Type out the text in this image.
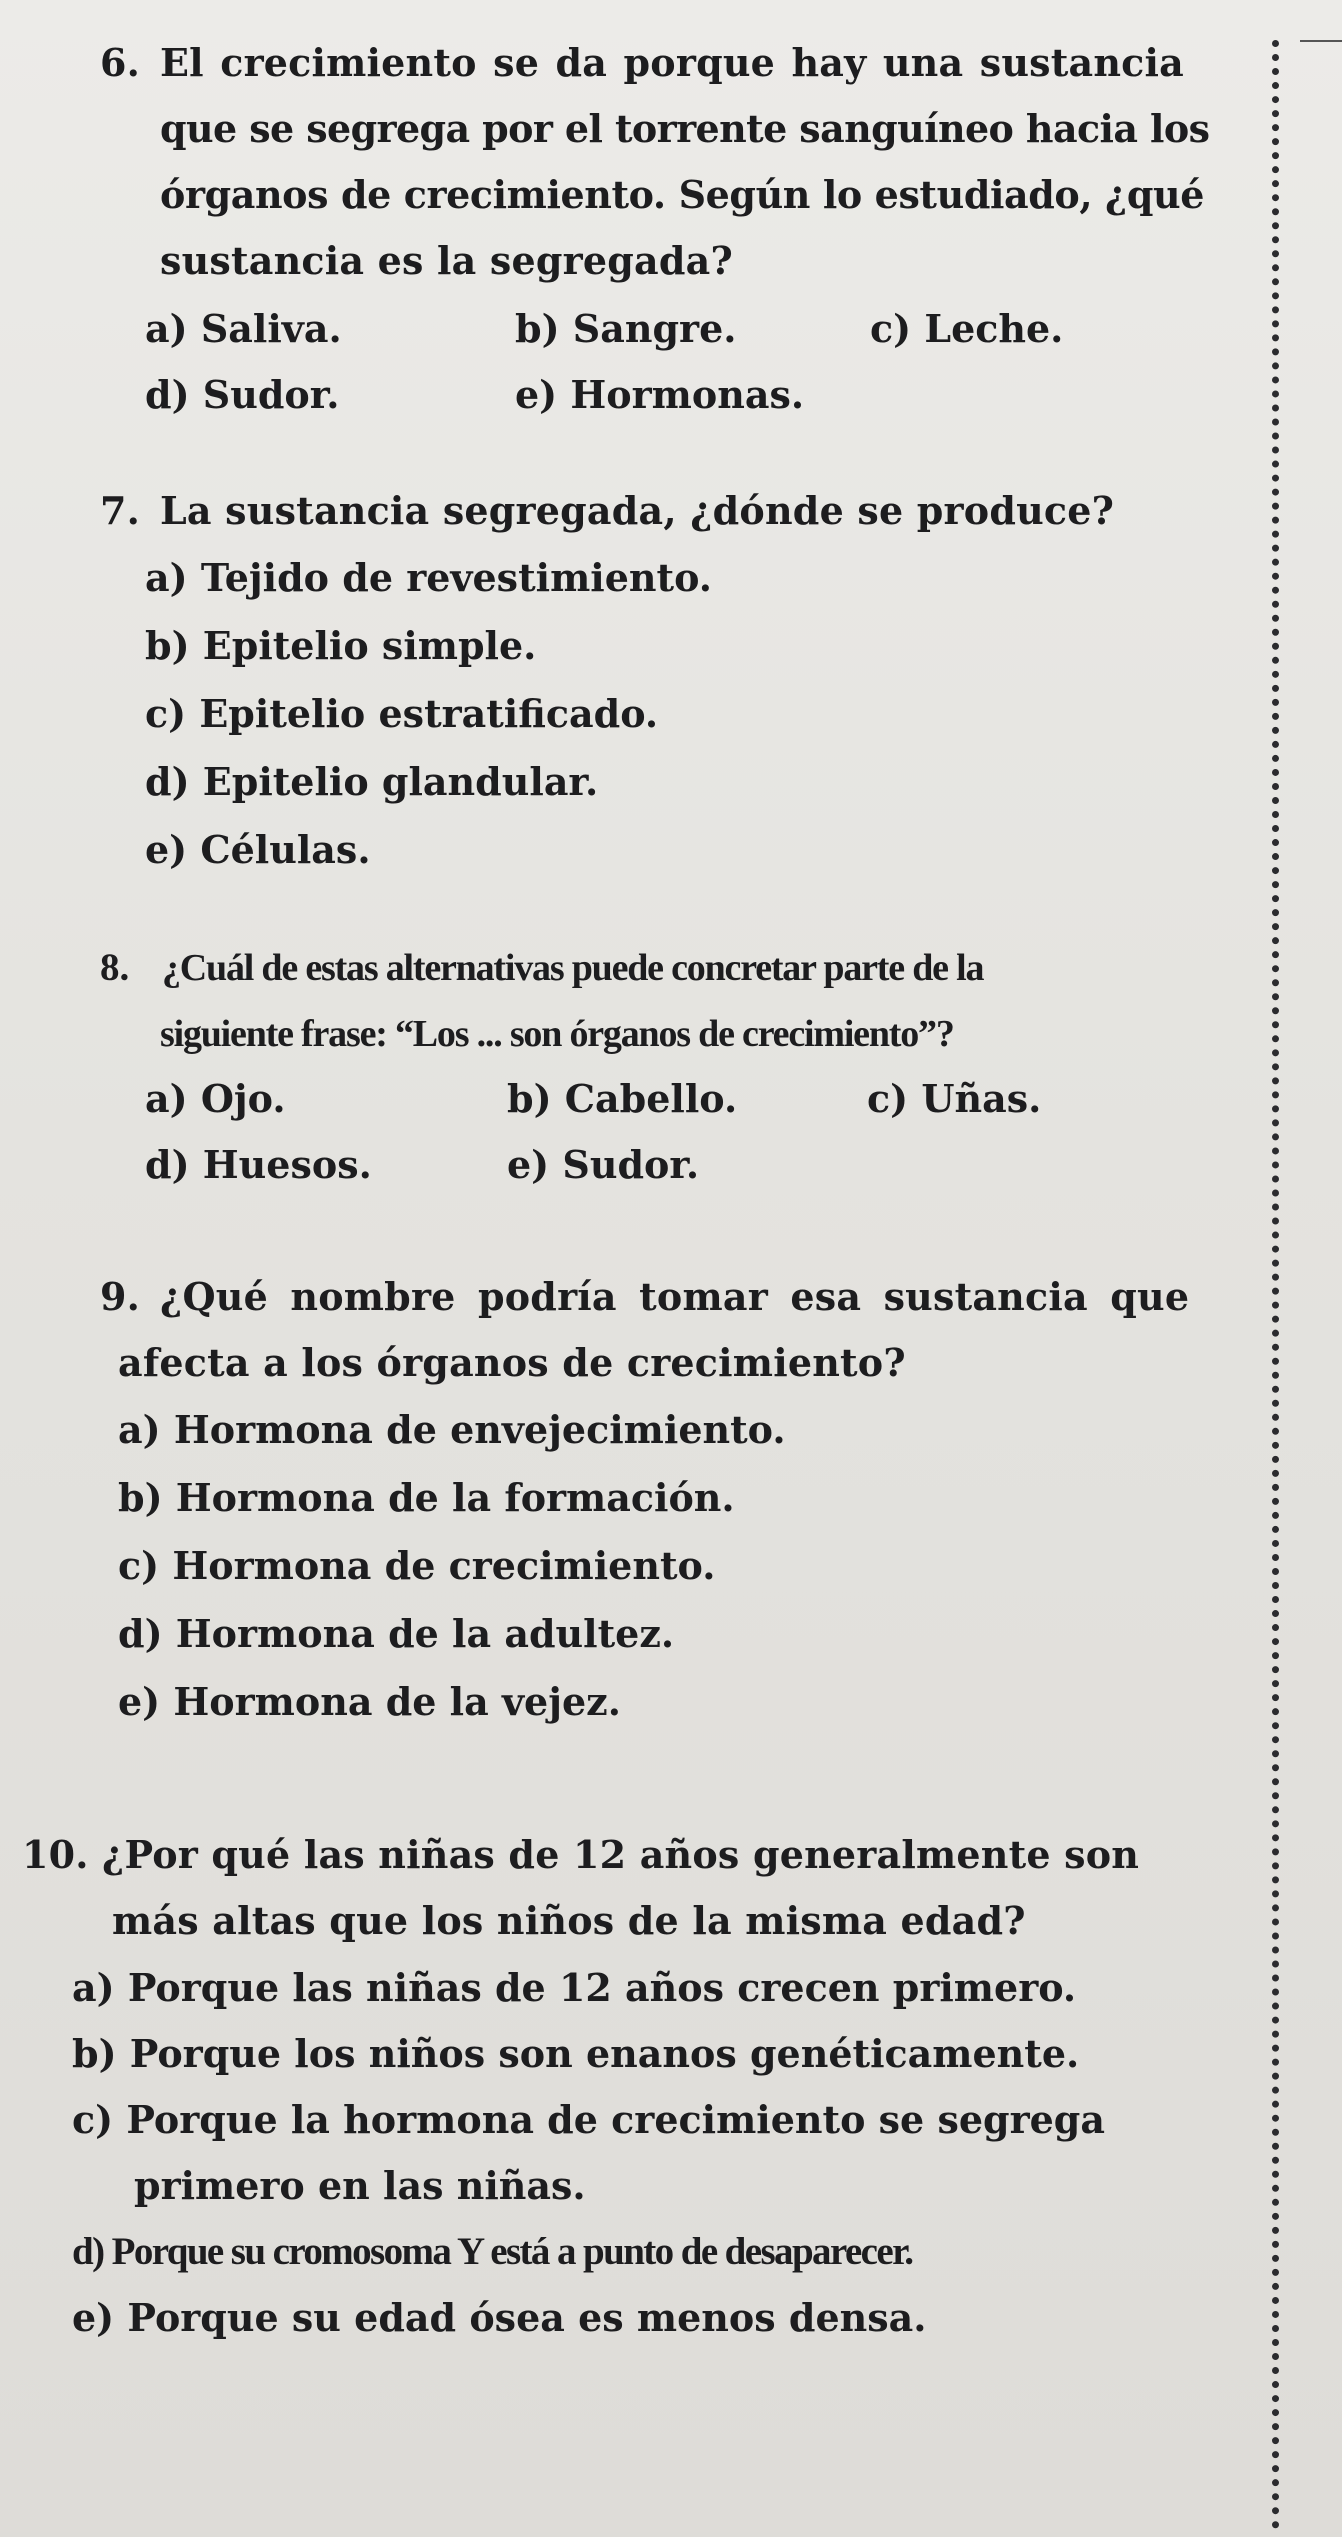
6. El crecimiento se da porque hay una sustancia
que se segrega por el torrente sanguíneo hacia los
órganos de crecimiento. Según lo estudiado, ¿qué
sustancia es la segregada?
a) Saliva.	b) Sangre.	c) Leche.
d) Sudor.	e) Hormonas.
7. La sustancia segregada, ¿dónde se produce?
a) Tejido de revestimiento.
b) Epitelio simple.
c) Epitelio estratificado.
d) Epitelio glandular.
e) Células.
8. ¿Cuál de estas alternativas puede concretar parte de la
siguiente frase: “Los ... son órganos de crecimiento”?
a) Ojo.	b) Cabello.	c) Uñas.
d) Huesos.	e) Sudor.
9. ¿Qué nombre podría tomar esa sustancia que
afecta a los órganos de crecimiento?
a) Hormona de envejecimiento.
b) Hormona de la formación.
c) Hormona de crecimiento.
d) Hormona de la adultez.
e) Hormona de la vejez.
10. ¿Por qué las niñas de 12 años generalmente son
más altas que los niños de la misma edad?
a) Porque las niñas de 12 años crecen primero.
b) Porque los niños son enanos genéticamente.
c) Porque la hormona de crecimiento se segrega
primero en las niñas.
d) Porque su cromosoma Y está a punto de desaparecer.
e) Porque su edad ósea es menos densa.
